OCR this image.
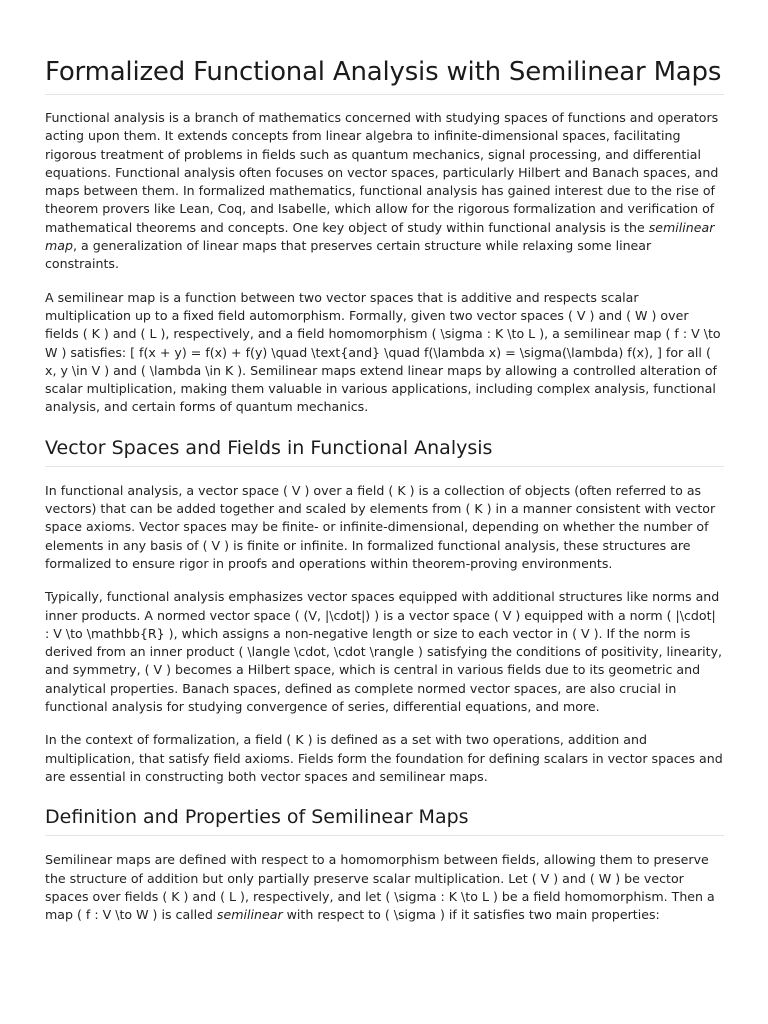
Formalized Functional Analysis with Semilinear Maps

Functional analysis is a branch of mathematics concerned with studying spaces of functions and operators acting upon them. It extends concepts from linear algebra to infinite-dimensional spaces, facilitating rigorous treatment of problems in fields such as quantum mechanics, signal processing, and differential equations. Functional analysis often focuses on vector spaces, particularly Hilbert and Banach spaces, and maps between them. In formalized mathematics, functional analysis has gained interest due to the rise of theorem provers like Lean, Coq, and Isabelle, which allow for the rigorous formalization and verification of mathematical theorems and concepts. One key object of study within functional analysis is the semilinear map, a generalization of linear maps that preserves certain structure while relaxing some linear constraints.

A semilinear map is a function between two vector spaces that is additive and respects scalar multiplication up to a fixed field automorphism. Formally, given two vector spaces ( V ) and ( W ) over fields ( K ) and ( L ), respectively, and a field homomorphism ( \sigma : K \to L ), a semilinear map ( f : V \to W ) satisfies: [ f(x + y) = f(x) + f(y) \quad \text{and} \quad f(\lambda x) = \sigma(\lambda) f(x), ] for all ( x, y \in V ) and ( \lambda \in K ). Semilinear maps extend linear maps by allowing a controlled alteration of scalar multiplication, making them valuable in various applications, including complex analysis, functional analysis, and certain forms of quantum mechanics.

Vector Spaces and Fields in Functional Analysis

In functional analysis, a vector space ( V ) over a field ( K ) is a collection of objects (often referred to as vectors) that can be added together and scaled by elements from ( K ) in a manner consistent with vector space axioms. Vector spaces may be finite- or infinite-dimensional, depending on whether the number of elements in any basis of ( V ) is finite or infinite. In formalized functional analysis, these structures are formalized to ensure rigor in proofs and operations within theorem-proving environments.

Typically, functional analysis emphasizes vector spaces equipped with additional structures like norms and inner products. A normed vector space ( (V, |\cdot|) ) is a vector space ( V ) equipped with a norm ( |\cdot| : V \to \mathbb{R} ), which assigns a non-negative length or size to each vector in ( V ). If the norm is derived from an inner product ( \langle \cdot, \cdot \rangle ) satisfying the conditions of positivity, linearity, and symmetry, ( V ) becomes a Hilbert space, which is central in various fields due to its geometric and analytical properties. Banach spaces, defined as complete normed vector spaces, are also crucial in functional analysis for studying convergence of series, differential equations, and more.

In the context of formalization, a field ( K ) is defined as a set with two operations, addition and multiplication, that satisfy field axioms. Fields form the foundation for defining scalars in vector spaces and are essential in constructing both vector spaces and semilinear maps.

Definition and Properties of Semilinear Maps

Semilinear maps are defined with respect to a homomorphism between fields, allowing them to preserve the structure of addition but only partially preserve scalar multiplication. Let ( V ) and ( W ) be vector spaces over fields ( K ) and ( L ), respectively, and let ( \sigma : K \to L ) be a field homomorphism. Then a map ( f : V \to W ) is called semilinear with respect to ( \sigma ) if it satisfies two main properties:
